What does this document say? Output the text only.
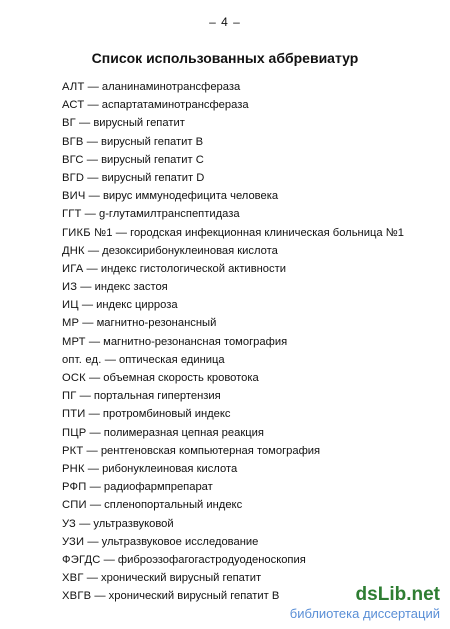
– 4 –
Список использованных аббревиатур
АЛТ — аланинаминотрансфераза
АСТ — аспартатаминотрансфераза
ВГ — вирусный гепатит
ВГВ — вирусный гепатит В
ВГС — вирусный гепатит С
ВГD — вирусный гепатит D
ВИЧ — вирус иммунодефицита человека
ГГТ — g-глутамилтранспептидаза
ГИКБ №1 — городская инфекционная клиническая больница №1
ДНК — дезоксирибонуклеиновая кислота
ИГА — индекс гистологической активности
ИЗ — индекс застоя
ИЦ — индекс цирроза
МР — магнитно-резонансный
МРТ — магнитно-резонансная томография
опт. ед. — оптическая единица
ОСК — объемная скорость кровотока
ПГ — портальная гипертензия
ПТИ — протромбиновый индекс
ПЦР — полимеразная цепная реакция
РКТ — рентгеновская компьютерная томография
РНК — рибонуклеиновая кислота
РФП — радиофармпрепарат
СПИ — спленопортальный индекс
УЗ — ультразвуковой
УЗИ — ультразвуковое исследование
ФЭГДС — фиброэзофагогастродуоденоскопия
ХВГ — хронический вирусный гепатит
ХВГВ — хронический вирусный гепатит В	dsLib.net
библиотека диссертаций
